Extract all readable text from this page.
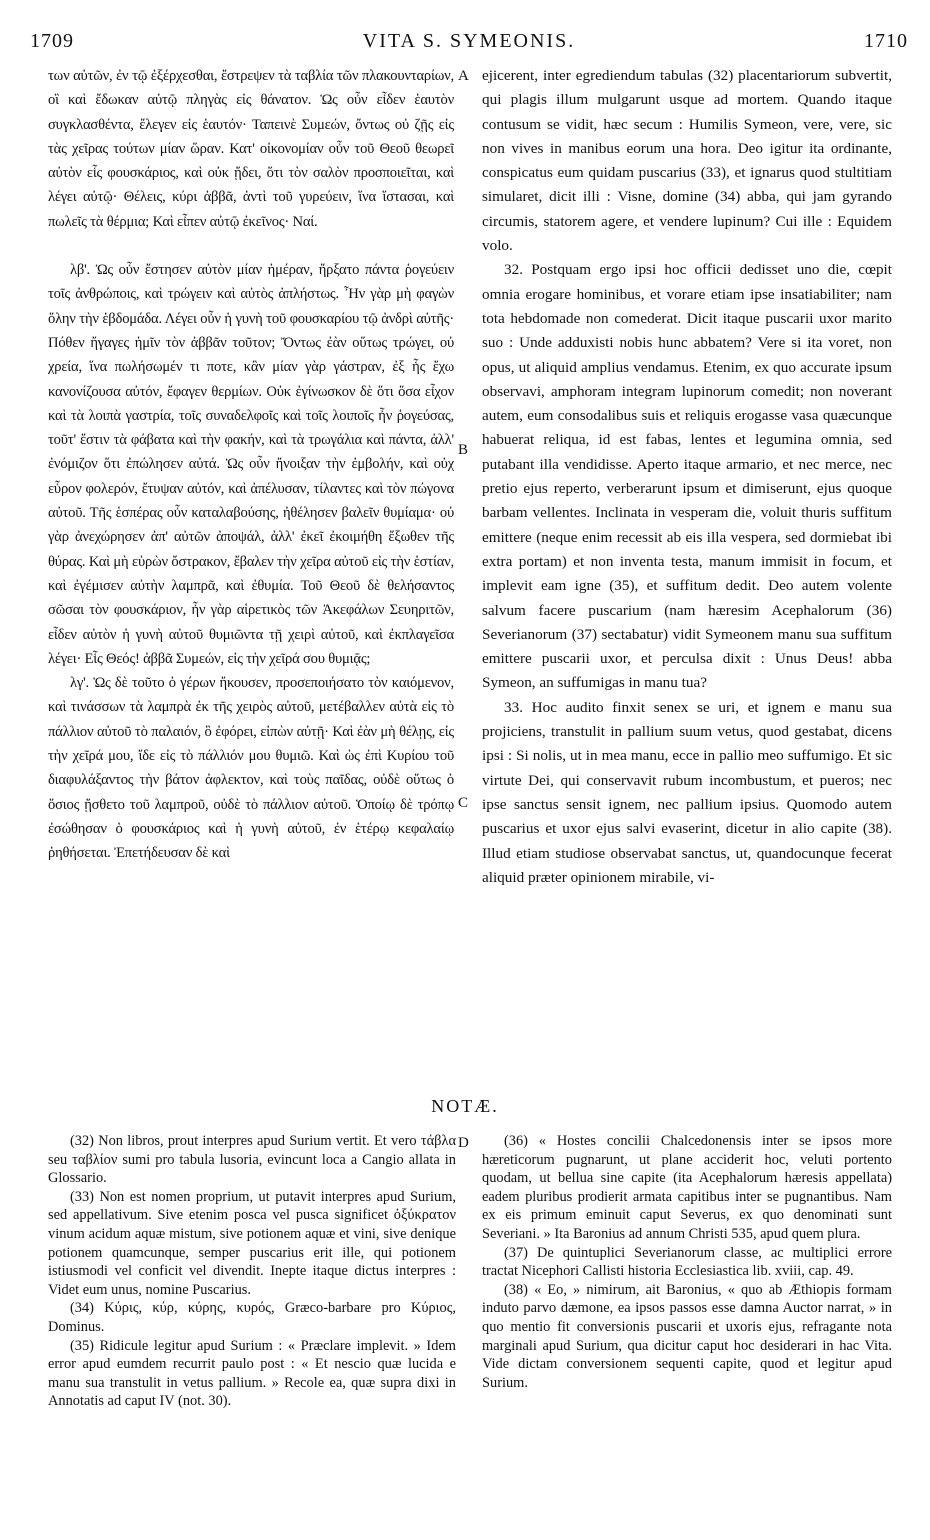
1709	VITA S. SYMEONIS.	1710

των αὐτῶν, ἐν τῷ ἐξέρχεσθαι, ἔστρεψεν τὰ ταβλία τῶν πλακουνταρίων, οἳ καὶ ἔδωκαν αὐτῷ πληγὰς εἰς θάνατον. Ὡς οὖν εἶδεν ἑαυτὸν συγκλασθέντα, ἔλεγεν εἰς ἑαυτόν· Ταπεινὲ Συμεών, ὄντως οὐ ζῇς εἰς τὰς χεῖρας τούτων μίαν ὥραν. Κατ' οἰκονομίαν οὖν τοῦ Θεοῦ θεωρεῖ αὐτὸν εἷς φουσκάριος, καὶ οὐκ ᾔδει, ὅτι τὸν σαλὸν προσποιεῖται, καὶ λέγει αὐτῷ· Θέλεις, κύρι ἀββᾶ, ἀντὶ τοῦ γυρεύειν, ἵνα ἵστασαι, καὶ πωλεῖς τὰ θέρμια; Καὶ εἶπεν αὐτῷ ἐκεῖνος· Ναί.

λβ'. Ὡς οὖν ἔστησεν αὐτὸν μίαν ἡμέραν, ἤρξατο πάντα ῥογεύειν τοῖς ἀνθρώποις, καὶ τρώγειν καὶ αὐτὸς ἀπλήστως. Ἦν γὰρ μὴ φαγὼν ὅλην τὴν ἑβδομάδα. Λέγει οὖν ἡ γυνὴ τοῦ φουσκαρίου τῷ ἀνδρὶ αὐτῆς· Πόθεν ἤγαγες ἡμῖν τὸν ἀββᾶν τοῦτον; Ὄντως ἐὰν οὕτως τρώγει, οὐ χρεία, ἵνα πωλήσωμέν τι ποτε, κἂν μίαν γὰρ γάστραν, ἐξ ἧς ἔχω κανονίζουσα αὐτόν, ἔφαγεν θερμίων. Οὐκ ἐγίνωσκον δὲ ὅτι ὅσα εἶχον καὶ τὰ λοιπὰ γαστρία, τοῖς συναδελφοῖς καὶ τοῖς λοιποῖς ἦν ῥογεύσας, τοῦτ' ἔστιν τὰ φάβατα καὶ τὴν φακήν, καὶ τὰ τρωγάλια καὶ πάντα, ἀλλ' ἐνόμιζον ὅτι ἐπώλησεν αὐτά. Ὡς οὖν ἤνοιξαν τὴν ἐμβολήν, καὶ οὐχ εὗρον φολερόν, ἔτυψαν αὐτόν, καὶ ἀπέλυσαν, τίλαντες καὶ τὸν πώγονα αὐτοῦ. Τῆς ἑσπέρας οὖν καταλαβούσης, ἠθέλησεν βαλεῖν θυμίαμα· οὐ γὰρ ἀνεχώρησεν ἀπ' αὐτῶν ἀποψάλ, ἀλλ' ἐκεῖ ἐκοιμήθη ἔξωθεν τῆς θύρας. Καὶ μὴ εὑρὼν ὄστρακον, ἔβαλεν τὴν χεῖρα αὐτοῦ εἰς τὴν ἑστίαν, καὶ ἐγέμισεν αὐτὴν λαμπρᾶ, καὶ ἐθυμία. Τοῦ Θεοῦ δὲ θελήσαντος σῶσαι τὸν φουσκάριον, ἦν γὰρ αἱρετικὸς τῶν Ἀκεφάλων Σευηριτῶν, εἶδεν αὐτὸν ἡ γυνὴ αὐτοῦ θυμιῶντα τῇ χειρὶ αὐτοῦ, καὶ ἐκπλαγεῖσα λέγει· Εἷς Θεός! ἀββᾶ Συμεών, εἰς τὴν χεῖρά σου θυμιᾷς;

λγ'. Ὡς δὲ τοῦτο ὁ γέρων ἤκουσεν, προσεποιήσατο τὸν καιόμενον, καὶ τινάσσων τὰ λαμπρὰ ἐκ τῆς χειρὸς αὐτοῦ, μετέβαλλεν αὐτὰ εἰς τὸ πάλλιον αὐτοῦ τὸ παλαιόν, ὃ ἐφόρει, εἰπὼν αὐτῇ· Καὶ ἐὰν μὴ θέλῃς, εἰς τὴν χεῖρά μου, ἴδε εἰς τὸ πάλλιόν μου θυμιῶ. Καὶ ὡς ἐπὶ Κυρίου τοῦ διαφυλάξαντος τὴν βάτον ἀφλεκτον, καὶ τοὺς παῖδας, οὐδὲ οὕτως ὁ ὅσιος ᾔσθετο τοῦ λαμπροῦ, οὐδὲ τὸ πάλλιον αὐτοῦ. Ὁποίῳ δὲ τρόπῳ ἐσώθησαν ὁ φουσκάριος καὶ ἡ γυνὴ αὐτοῦ, ἐν ἑτέρῳ κεφαλαίῳ ῥηθήσεται. Ἐπετήδευσαν δὲ καὶ

A
B
C
D

ejicerent, inter egrediendum tabulas (32) placentariorum subvertit, qui plagis illum mulgarunt usque ad mortem. Quando itaque contusum se vidit, hæc secum : Humilis Symeon, vere, vere, sic non vives in manibus eorum una hora. Deo igitur ita ordinante, conspicatus eum quidam puscarius (33), et ignarus quod stultitiam simularet, dicit illi : Visne, domine (34) abba, qui jam gyrando circumis, statorem agere, et vendere lupinum? Cui ille : Equidem volo.

32. Postquam ergo ipsi hoc officii dedisset uno die, cœpit omnia erogare hominibus, et vorare etiam ipse insatiabiliter; nam tota hebdomade non comederat. Dicit itaque puscarii uxor marito suo : Unde adduxisti nobis hunc abbatem? Vere si ita voret, non opus, ut aliquid amplius vendamus. Etenim, ex quo accurate ipsum observavi, amphoram integram lupinorum comedit; non noverant autem, eum consodalibus suis et reliquis erogasse vasa quæcunque habuerat reliqua, id est fabas, lentes et legumina omnia, sed putabant illa vendidisse. Aperto itaque armario, et nec merce, nec pretio ejus reperto, verberarunt ipsum et dimiserunt, ejus quoque barbam vellentes. Inclinata in vesperam die, voluit thuris suffitum emittere (neque enim recessit ab eis illa vespera, sed dormiebat ibi extra portam) et non inventa testa, manum immisit in focum, et implevit eam igne (35), et suffitum dedit. Deo autem volente salvum facere puscarium (nam hæresim Acephalorum (36) Severianorum (37) sectabatur) vidit Symeonem manu sua suffitum emittere puscarii uxor, et perculsa dixit : Unus Deus! abba Symeon, an suffumigas in manu tua?

33. Hoc audito finxit senex se uri, et ignem e manu sua projiciens, transtulit in pallium suum vetus, quod gestabat, dicens ipsi : Si nolis, ut in mea manu, ecce in pallio meo suffumigo. Et sic virtute Dei, qui conservavit rubum incombustum, et pueros; nec ipse sanctus sensit ignem, nec pallium ipsius. Quomodo autem puscarius et uxor ejus salvi evaserint, dicetur in alio capite (38). Illud etiam studiose observabat sanctus, ut, quandocunque fecerat aliquid præter opinionem mirabile, vi-

NOTÆ.

(32) Non libros, prout interpres apud Surium vertit. Et vero τάβλα seu ταβλίον sumi pro tabula lusoria, evincunt loca a Cangio allata in Glossario.

(33) Non est nomen proprium, ut putavit interpres apud Surium, sed appellativum. Sive etenim posca vel pusca significet ὀξύκρατον vinum acidum aquæ mistum, sive potionem aquæ et vini, sive denique potionem quamcunque, semper puscarius erit ille, qui potionem istiusmodi vel conficit vel divendit. Inepte itaque dictus interpres : Videt eum unus, nomine Puscarius.

(34) Κύρις, κύρ, κύρης, κυρός, Græco-barbare pro Κύριος, Dominus.

(35) Ridicule legitur apud Surium : « Præclare implevit. » Idem error apud eumdem recurrit paulo post : « Et nescio quæ lucida e manu sua transtulit in vetus pallium. » Recole ea, quæ supra dixi in Annotatis ad caput IV (not. 30).

(36) « Hostes concilii Chalcedonensis inter se ipsos more hæreticorum pugnarunt, ut plane acciderit hoc, veluti portento quodam, ut bellua sine capite (ita Acephalorum hæresis appellata) eadem pluribus prodierit armata capitibus inter se pugnantibus. Nam ex eis primum eminuit caput Severus, ex quo denominati sunt Severiani. » Ita Baronius ad annum Christi 535, apud quem plura.

(37) De quintuplici Severianorum classe, ac multiplici errore tractat Nicephori Callisti historia Ecclesiastica lib. xviii, cap. 49.

(38) « Eo, » nimirum, ait Baronius, « quo ab Æthiopis formam induto parvo dæmone, ea ipsos passos esse damna Auctor narrat, » in quo mentio fit conversionis puscarii et uxoris ejus, refragante nota marginali apud Surium, qua dicitur caput hoc desiderari in hac Vita. Vide dictam conversionem sequenti capite, quod et legitur apud Surium.
